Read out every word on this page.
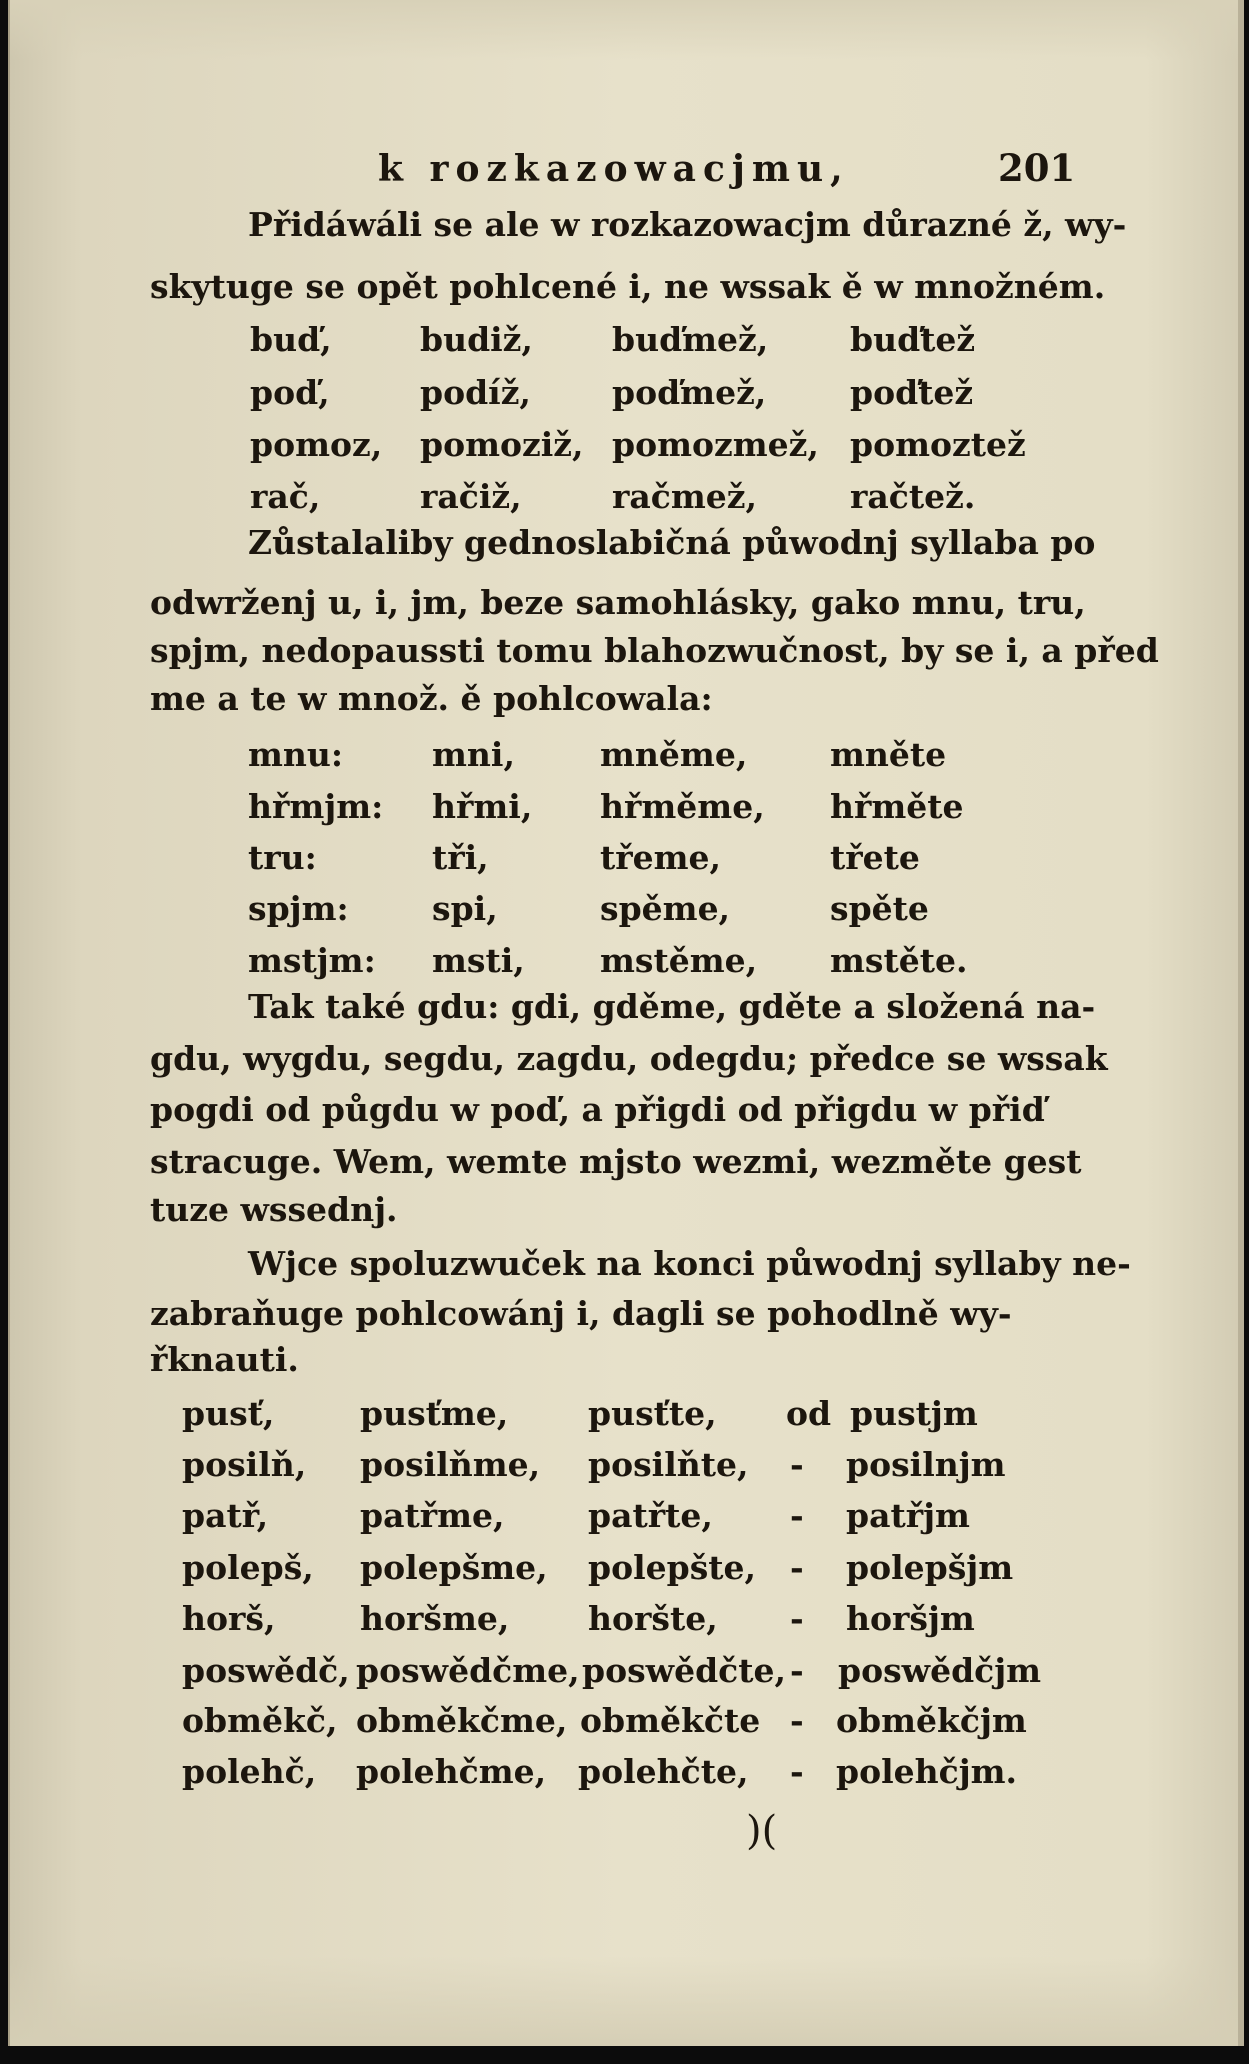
k rozkazowacjmu,	201
Přidáwáli se ale w rozkazowacjm důrazné ž, wy-
skytuge se opět pohlcené i, ne wssak ě w množném.
buď,	budiž, buďmež, buďtež
poď,	podíž, poďmež,	poďtež
pomoz, pomoziž, pomozmež, pomoztež
rač,	račiž,	račmež,	račtež.
Zůstalaliby gednoslabičná půwodnj syllaba po
odwrženj u, i, jm, beze samohlásky, gako mnu, tru,
spjm, nedopaussti tomu blahozwučnost, by se i, a před
me a te w množ. ě pohlcowala:
mnu:	mni,	mněme,	mněte
hřmjm: hřmi, hřměme, hřměte
tru:	tři,	třeme,	třete
spjm:	spi,	spěme,	spěte
mstjm: msti, mstěme, mstěte.
Tak také gdu: gdi, gděme, gděte a složená na-
gdu, wygdu, segdu, zagdu, odegdu; předce se wssak
pogdi od půgdu w poď, a přigdi od přigdu w přiď
stracuge. Wem, wemte mjsto wezmi, wezměte gest
tuze wssednj.
Wjce spoluzwuček na konci půwodnj syllaby ne-
zabraňuge pohlcowánj i, dagli se pohodlně wy-
řknauti.
pusť,	pusťme, pusťte, od pustjm
posilň, posilňme, posilňte, - posilnjm
patř,	patřme,	patřte, - patřjm
polepš, polepšme, polepšte, - polepšjm
horš,	horšme, horšte, - horšjm
poswědč, poswědčme, poswědčte, - poswědčjm
obměkč, obměkčme, obměkčte - obměkčjm
polehč, polehčme, polehčte, - polehčjm.
)(
